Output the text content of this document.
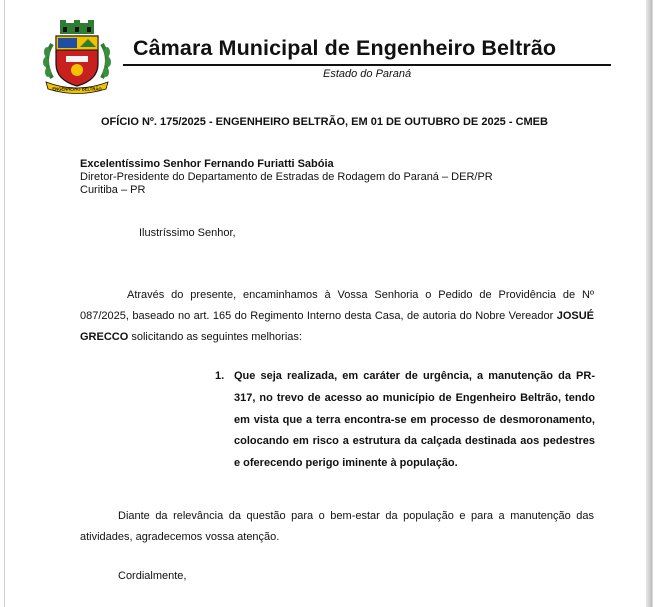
ENGENHEIRO BELTRÃO
Câmara Municipal de Engenheiro Beltrão
Estado do Paraná
OFÍCIO Nº. 175/2025 - ENGENHEIRO BELTRÃO, EM 01 DE OUTUBRO DE 2025 - CMEB
Excelentíssimo Senhor Fernando Furiatti Sabóia
Diretor-Presidente do Departamento de Estradas de Rodagem do Paraná – DER/PR
Curitiba – PR
Ilustríssimo Senhor,
Através do presente, encaminhamos à Vossa Senhoria o Pedido de Providência de Nº 087/2025, baseado no art. 165 do Regimento Interno desta Casa, de autoria do Nobre Vereador JOSUÉ GRECCO solicitando as seguintes melhorias:
1. Que seja realizada, em caráter de urgência, a manutenção da PR-317, no trevo de acesso ao município de Engenheiro Beltrão, tendo em vista que a terra encontra-se em processo de desmoronamento, colocando em risco a estrutura da calçada destinada aos pedestres e oferecendo perigo iminente à população.
Diante da relevância da questão para o bem-estar da população e para a manutenção das atividades, agradecemos vossa atenção.
Cordialmente,
